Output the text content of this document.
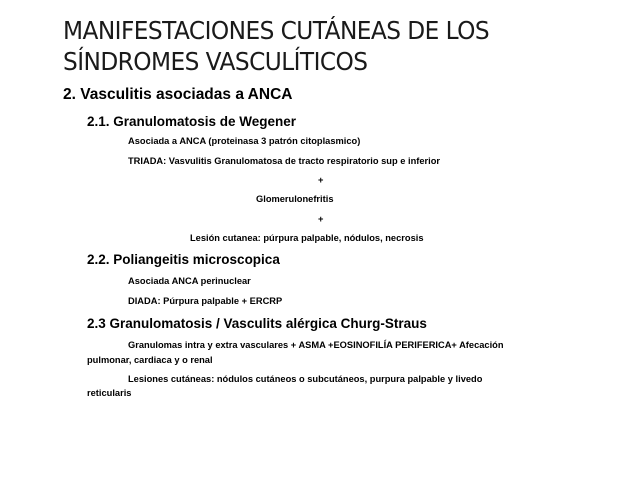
MANIFESTACIONES CUTÁNEAS DE LOS
SÍNDROMES VASCULÍTICOS
2. Vasculitis asociadas a ANCA
2.1. Granulomatosis de Wegener
Asociada a ANCA (proteinasa 3 patrón citoplasmico)
TRIADA: Vasvulitis Granulomatosa de tracto respiratorio sup e inferior
+
Glomerulonefritis
+
Lesión cutanea: púrpura palpable, nódulos, necrosis
2.2. Poliangeitis microscopica
Asociada ANCA perinuclear
DIADA: Púrpura palpable + ERCRP
2.3 Granulomatosis / Vasculits alérgica Churg-Straus
Granulomas intra y extra vasculares + ASMA +EOSINOFILÍA PERIFERICA+ Afecación
pulmonar, cardiaca y o renal
Lesiones cutáneas: nódulos cutáneos o subcutáneos, purpura palpable y livedo
reticularis
